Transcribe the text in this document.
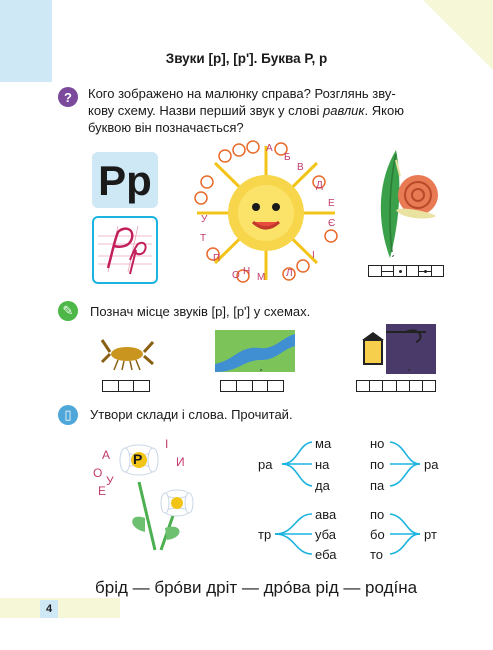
Звуки [р], [р']. Буква Р, р
?	Кого зображено на малюнку справа? Розглянь зву-
кову схему. Назви перший звук у слові равлик. Якою
буквою він позначається?
Рр
А
Б
В
Д
Е
Є
І
Л
М
Н
О
П
Т
У
ˊ
✎	Познач місце звуків [р], [р'] у схемах.
ˊ	ˊ
▯	Утвори склади і слова. Прочитай.
Р
А
О
Е
У
І
И	ра
ма
на
да
но
по
па
ра
тр
ава
уба
еба
по
бо
то
рт
брід — брóви дріт — дрóва рід — родíна
4
